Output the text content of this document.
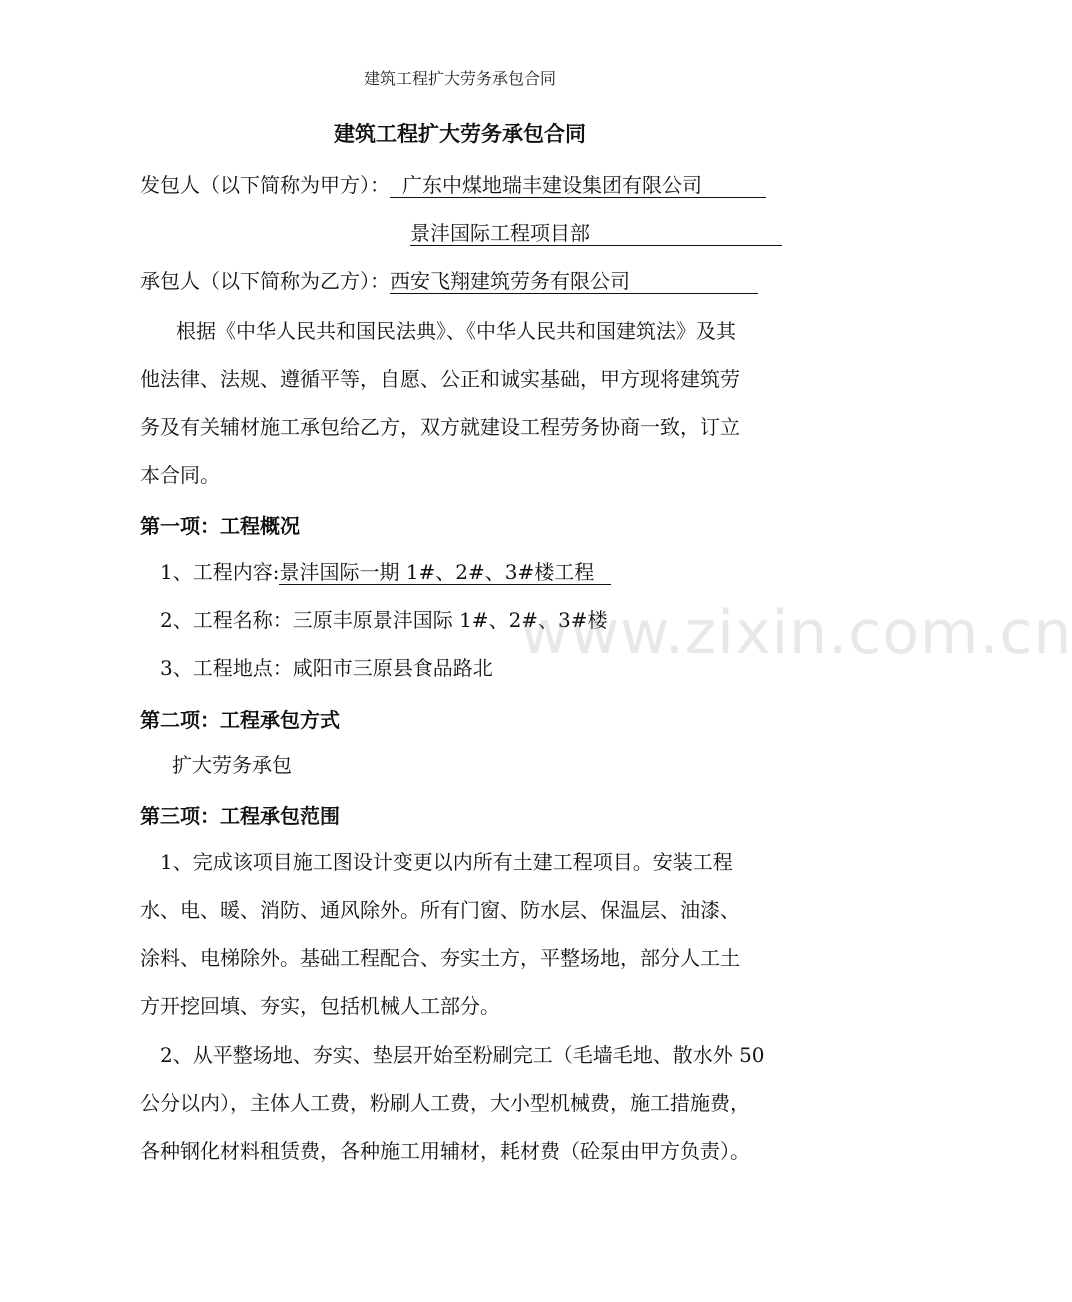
建筑工程扩大劳务承包合同
建筑工程扩大劳务承包合同
发包人（以下简称为甲方）： 广东中煤地瑞丰建设集团有限公司
景沣国际工程项目部
承包人（以下简称为乙方）：西安飞翔建筑劳务有限公司
根据《中华人民共和国民法典》、《中华人民共和国建筑法》及其
他法律、法规、遵循平等，自愿、公正和诚实基础，甲方现将建筑劳
务及有关辅材施工承包给乙方，双方就建设工程劳务协商一致，订立
本合同。
第一项：工程概况
1、工程内容:景沣国际一期 1#、2#、3#楼工程
2、工程名称：三原丰原景沣国际 1#、2#、3#楼
3、工程地点：咸阳市三原县食品路北
第二项：工程承包方式
扩大劳务承包
第三项：工程承包范围
1、完成该项目施工图设计变更以内所有土建工程项目。安装工程
水、电、暖、消防、通风除外。所有门窗、防水层、保温层、油漆、
涂料、电梯除外。基础工程配合、夯实土方，平整场地，部分人工土
方开挖回填、夯实，包括机械人工部分。
2、从平整场地、夯实、垫层开始至粉刷完工（毛墙毛地、散水外 50
公分以内），主体人工费，粉刷人工费，大小型机械费，施工措施费，
各种钢化材料租赁费，各种施工用辅材，耗材费（砼泵由甲方负责）。
www.zixin.com.cn
